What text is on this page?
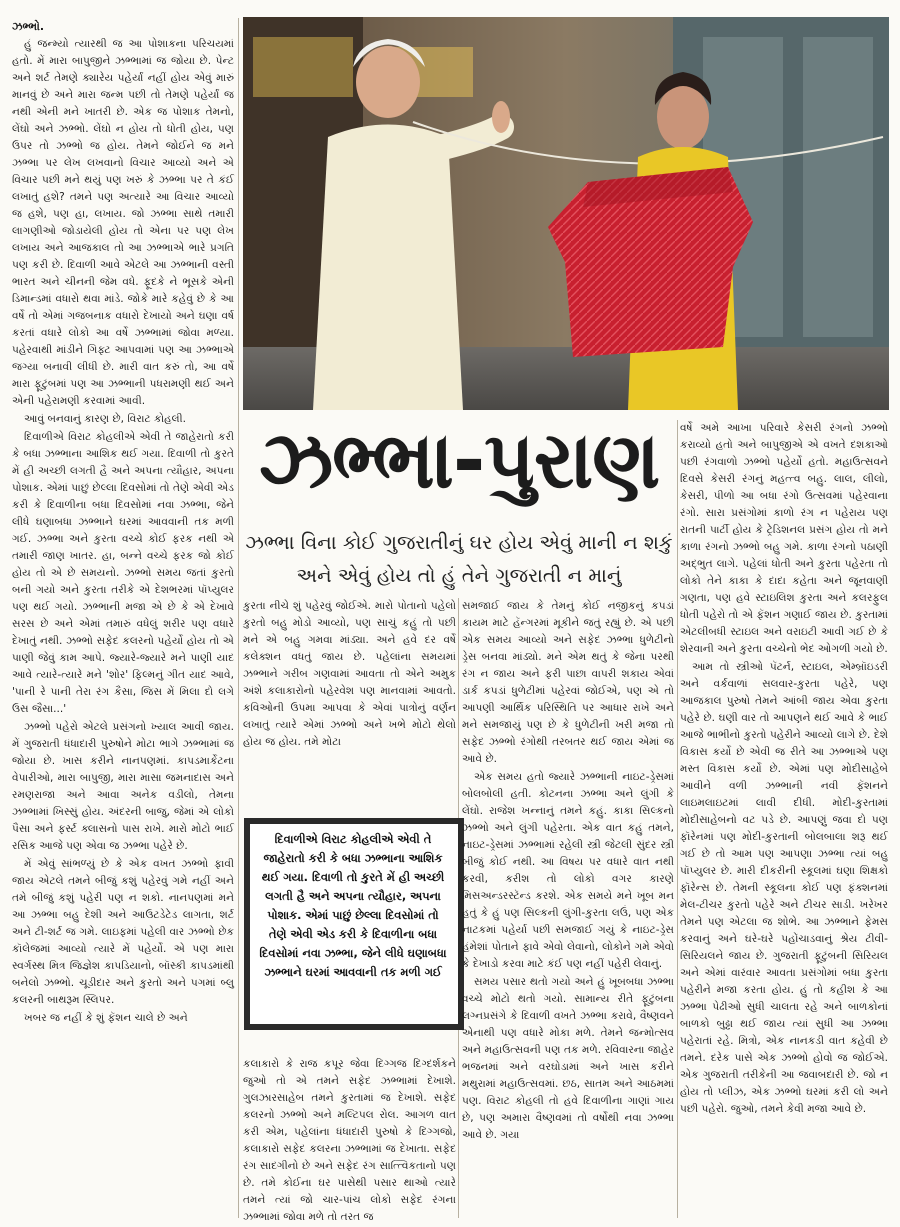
ઝભ્ભો.

હું જન્મ્યો ત્યારથી જ આ પોશાકના પરિચયમાં હતો. મેં મારા બાપુજીને ઝભ્ભામાં જ જોયા છે. પેન્ટ અને શર્ટ તેમણે ક્યારેય પહેર્યાં નહીં હોય એવું મારું માનવું છે અને મારા જન્મ પછી તો તેમણે પહેર્યાં જ નથી એની મને ખાતરી છે. એક જ પોશાક તેમનો, લેંઘો અને ઝભ્ભો. લેંઘો ન હોય તો ધોતી હોય, પણ ઉપર તો ઝભ્ભો જ હોય. તેમને જોઈને જ મને ઝભ્ભા પર લેખ લખવાનો વિચાર આવ્યો અને એ વિચાર પછી મને થયું પણ ખરું કે ઝભ્ભા પર તે કંઈ લખાતું હશે? તમને પણ અત્યારે આ વિચાર આવ્યો જ હશે, પણ હા, લખાય. જો ઝભ્ભા સાથે તમારી લાગણીઓ જોડાયેલી હોય તો એના પર પણ લેખ લખાય અને આજકાલ તો આ ઝભ્ભાએ ભારે પ્રગતિ પણ કરી છે. દિવાળી આવે એટલે આ ઝભ્ભાની વસ્તી ભારત અને ચીનની જેમ વધે. ફૂદકે ને ભૂસકે એની ડિમાન્ડમાં વધારો થવા માંડે. જોકે મારે કહેવું છે કે આ વર્ષે તો એમાં ગજબનાક વધારો દેખાયો અને ઘણા વર્ષ કરતાં વધારે લોકો આ વર્ષે ઝભ્ભામાં જોવા મળ્યા. પહેરવાથી માંડીને ગિફ્ટ આપવામાં પણ આ ઝભ્ભાએ જગ્યા બનાવી લીધી છે. મારી વાત કરું તો, આ વર્ષે મારા ફૂટુંબમાં પણ આ ઝભ્ભાની પધરામણી થઈ અને એની પહેરામણી કરવામાં આવી.

આવું બનવાનું કારણ છે, વિરાટ કોહલી.

દિવાળીએ વિરાટ કોહલીએ એવી તે જાહેરાતો કરી કે બધા ઝભ્ભાના આશિક થઈ ગયા. દિવાળી તો કુરતે મેં હી અચ્છી લગતી હૈ અને અપના ત્યૌહાર, અપના પોશાક. એમાં પાછું છેલ્લા દિવસોમાં તો તેણે એવી એડ કરી કે દિવાળીના બધા દિવસોમાં નવા ઝભ્ભા, જેને લીધે ઘણાબધા ઝભ્ભાને ઘરમાં આવવાની તક મળી ગઈ. ઝભ્ભા અને કુરતા વચ્ચે કોઈ ફરક નથી એ તમારી જાણ ખાતર. હા, બન્ને વચ્ચે ફરક જો કોઈ હોય તો એ છે સમયનો. ઝભ્ભો સમય જતાં કુરતો બની ગયો અને કુરતા તરીકે એ દેશભરમાં પૉપ્યુલર પણ થઈ ગયો. ઝભ્ભાની મજા એ છે કે એ દેખાવે સરસ છે અને એમાં તમારું વધેલું શરીર પણ વધારે દેખાતું નથી. ઝભ્ભો સફેદ કલરનો પહેર્યો હોય તો એ પાણી જેવું કામ આપે. જ્યારે-જ્યારે મને પાણી યાદ આવે ત્યારે-ત્યારે મને 'શોર' ફિલ્મનું ગીત યાદ આવે, 'પાની રે પાની તેરા રંગ કૈસા, જિસ મેં મિલા દો લગે ઉસ જૈસા...'

ઝભ્ભો પહેરો એટલે પ્રસંગનો ખ્યાલ આવી જાય. મેં ગુજરાતી ધંધાદારી પુરુષોને મોટા ભાગે ઝભ્ભામાં જ જોયા છે. ખાસ કરીને નાનપણમાં. કાપડમાર્કેટના વેપારીઓ, મારા બાપુજી, મારા માસા જમનાદાસ અને રમણરાજા અને આવા અનેક વડીલો, તેમના ઝભ્ભામાં ખિસ્સું હોય. અંદરની બાજુ, જેમાં એ લોકો પૈસા અને ફર્સ્ટ ક્લાસનો પાસ રાખે. મારો મોટો ભાઈ રસિક આજે પણ એવા જ ઝભ્ભા પહેરે છે.

મેં એવું સાંભળ્યું છે કે એક વખત ઝભ્ભો ફાવી જાય એટલે તમને બીજું કશું પહેરવું ગમે નહીં અને તમે બીજું કશું પહેરી પણ ન શકો. નાનપણમાં મને આ ઝભ્ભા બહુ દેશી અને આઉટડેટેડ લાગતા, શર્ટ અને ટી-શર્ટ જ ગમે. લાઇફમાં પહેલી વાર ઝભ્ભો છેક કૉલેજમાં આવ્યો ત્યારે મેં પહેર્યો. એ પણ મારા સ્વર્ગસ્થ મિત્ર જિજ્ઞેશ કાપડિયાનો, બૉસ્કી કાપડમાંથી બનેલો ઝભ્ભો. ચૂડીદાર અને કુરતો અને પગમાં બ્લુ કલરની બાથરૂમ સ્લિપર.

ખબર જ નહીં કે શું ફૅશન ચાલે છે અને

ઝભ્ભા-પુરાણ
ઝભ્ભા વિના કોઈ ગુજરાતીનું ઘર હોય એવું માની ન શકું અને એવું હોય તો હું તેને ગુજરાતી ન માનું

કુરતા નીચે શું પહેરવું જોઈએ. મારો પોતાનો પહેલો કુરતો બહુ મોડો આવ્યો, પણ સાચું કહું તો પછી મને એ બહુ ગમવા માંડ્યા. અને હવે દર વર્ષે કલેક્શન વધતું જાય છે. પહેલાંના સમયમાં ઝભ્ભાને ગરીબ ગણવામાં આવતા તો એને અમુક અંશે કલાકારોનો પહેરવેશ પણ માનવામાં આવતો. કવિઓની ઉપમા આપવા કે એવાં પાત્રોનું વર્ણન લખાતું ત્યારે એમાં ઝભ્ભો અને ખભે મોટો થેલો હોય જ હોય. તમે મોટા

દિવાળીએ વિરાટ કોહલીએ એવી તે જાહેરાતો કરી કે બધા ઝભ્ભાના આશિક થઈ ગયા. દિવાળી તો કુરતે મેં હી અચ્છી લગતી હૈ અને અપના ત્યૌહાર, અપના પોશાક. એમાં પાછું છેલ્લા દિવસોમાં તો તેણે એવી એડ કરી કે દિવાળીના બધા દિવસોમાં નવા ઝભ્ભા, જેને લીધે ઘણાબધા ઝભ્ભાને ઘરમાં આવવાની તક મળી ગઈ

કલાકારો કે રાજ કપૂર જેવા દિગ્ગજ દિગ્દર્શકને જુઓ તો એ તમને સફેદ ઝભ્ભામાં દેખાશે. ગુલઝારસાહેબ તમને કુરતામાં જ દેખાશે. સફેદ કલરનો ઝભ્ભો અને મલ્ટિપલ રોલ. આગળ વાત કરી એમ, પહેલાંના ધંધાદારી પુરુષો કે દિગ્ગજો, કલાકારો સફેદ કલરના ઝભ્ભામાં જ દેખાતા. સફેદ રંગ સાદગીનો છે અને સફેદ રંગ સાત્ત્વિકતાનો પણ છે. તમે કોઈના ઘર પાસેથી પસાર થાઓ ત્યારે તમને ત્યાં જો ચાર-પાંચ લોકો સફેદ રંગના ઝભ્ભામાં જોવા મળે તો તરત જ

સમજાઈ જાય કે તેમનું કોઈ નજીકનું કપડાં કાયમ માટે હૅન્ગરમાં મૂકીને જતું રહ્યું છે. એ પછી એક સમય આવ્યો અને સફેદ ઝભ્ભા ધુળેટીનો ડ્રેસ બનવા માંડ્યો. મને એમ થતું કે જેના પરથી રંગ ન જાય અને ફરી પાછા વાપરી શકાય એવાં ડાર્ક કપડાં ધુળેટીમાં પહેરવાં જોઈએ, પણ એ તો આપણી આર્થિક પરિસ્થિતિ પર આધાર રાખે અને મને સમજાયું પણ છે કે ધુળેટીની ખરી મજા તો સફેદ ઝભ્ભો રંગોથી તરબતર થઈ જાય એમાં જ આવે છે.

એક સમય હતો જ્યારે ઝભ્ભાની નાઇટ-ડ્રેસમાં બોલબોલી હતી. કોટનના ઝભ્ભા અને લુંગી કે લેંઘો. રાજેશ ખન્નાનું તમને કહું. કાકા સિલ્કનો ઝભ્ભો અને લુંગી પહેરતા. એક વાત કહું તમને, નાઇટ-ડ્રેસમાં ઝભ્ભામાં રહેલી સ્ત્રી જેટલી સુંદર સ્ત્રી બીજું કોઈ નથી. આ વિષય પર વધારે વાત નથી કરવી, કરીશ તો લોકો વગર કારણે મિસઅન્ડરસ્ટૅન્ડ કરશે. એક સમયે મને ખૂબ મન હતું કે હું પણ સિલ્કની લુંગી-કુરતા લઉં, પણ એક નાટકમાં પહેર્યા પછી સમજાઈ ગયું કે નાઇટ-ડ્રેસ હંમેશાં પોતાને ફાવે એવો લેવાનો, લોકોને ગમે એવો કે દેખાડો કરવા માટે કંઈ પણ નહીં પહેરી લેવાનું.

સમય પસાર થતો ગયો અને હું ખૂબબધા ઝભ્ભા વચ્ચે મોટો થતો ગયો. સામાન્ય રીતે ફૂટુંબના લગ્નપ્રસંગે કે દિવાળી વખતે ઝભ્ભા કરાવે, વૈષ્ણવને એનાથી પણ વધારે મોકા મળે. તેમને જન્મોત્સવ અને મહાઉત્સવની પણ તક મળે. રવિવારના જાહેર ભજનમાં અને વરઘોડામાં અને ખાસ કરીને મથુરામાં મહાઉત્સવમાં. છઠ, સાતમ અને આઠમમાં પણ. વિરાટ કોહલી તો હવે દિવાળીના ગાણાં ગાય છે, પણ અમારા વૈષ્ણવમાં તો વર્ષોથી નવા ઝભ્ભા આવે છે. ગયા

વર્ષે અમે આખા પરિવારે કેસરી રંગનો ઝભ્ભો કરાવ્યો હતો અને બાપુજીએ એ વખતે દશકાઓ પછી રંગવાળો ઝભ્ભો પહેર્યો હતો. મહાઉત્સવને દિવસે કેસરી રંગનું મહત્ત્વ બહુ. લાલ, લીલો, કેસરી, પીળો આ બધા રંગો ઉત્સવમાં પહેરવાના રંગો. સારા પ્રસંગોમાં કાળો રંગ ન પહેરાય પણ રાતની પાર્ટી હોય કે ટ્રેડિશનલ પ્રસંગ હોય તો મને કાળા રંગનો ઝભ્ભો બહુ ગમે. કાળા રંગનો પઠાણી અદ્ભુત લાગે. પહેલાં ધોતી અને કુરતા પહેરતા તો લોકો તેને કાકા કે દાદા કહેતા અને જૂનવાણી ગણતા, પણ હવે સ્ટાઇલિશ કુરતા અને કલરફુલ ધોતી પહેરો તો એ ફૅશન ગણાઈ જાય છે. કુરતામાં એટલીબધી સ્ટાઇલ અને વરાઇટી આવી ગઈ છે કે શેરવાની અને કુરતા વચ્ચેનો ભેદ ઓગળી ગયો છે.

આમ તો સ્ત્રીઓ પૅટર્ન, સ્ટાઇલ, એમ્બ્રૉઇડરી અને વર્કવાળાં સલવાર-કુરતા પહેરે, પણ આજકાલ પુરુષો તેમને આંબી જાય એવા કુરતા પહેરે છે. ઘણી વાર તો આપણને થઈ આવે કે ભાઈ આજે ભાભીનો કુરતો પહેરીને આવ્યો લાગે છે. દેશે વિકાસ કર્યો છે એવી જ રીતે આ ઝભ્ભાએ પણ મસ્ત વિકાસ કર્યો છે. એમાં પણ મોદીસાહેબે આવીને વળી ઝભ્ભાની નવી ફૅશનને લાઇમલાઇટમાં લાવી દીધી. મોદી-કુરતામાં મોદીસાહેબનો વટ પડે છે. આપણું જવા દો પણ ફૉરેનમાં પણ મોદી-કુરતાની બોલબાલા શરૂ થઈ ગઈ છે તો આમ પણ આપણા ઝભ્ભા ત્યાં બહુ પૉપ્યુલર છે. મારી દીકરીની સ્કૂલમાં ઘણા શિક્ષકો ફૉરેન્સ છે. તેમની સ્કૂલના કોઈ પણ ફંક્શનમાં મેલ-ટીચર કુરતો પહેરે અને ટીચર સાડી. ખરેખર તેમને પણ એટલા જ શોભે. આ ઝભ્ભાને ફેમસ કરવાનું અને ઘરે-ઘરે પહોંચાડવાનું શ્રેય ટીવી-સિરિયલને જાય છે. ગુજરાતી ફૂટુંબની સિરિયલ અને એમાં વારંવાર આવતા પ્રસંગોમાં બધા કુરતા પહેરીને મજા કરતા હોય. હું તો કહીશ કે આ ઝભ્ભા પેઢીઓ સુધી ચાલતા રહે અને બાળકોનાં બાળકો બુઢ્ઢા થઈ જાય ત્યાં સુધી આ ઝભ્ભા પહેરાતાં રહે. મિત્રો, એક નાનકડી વાત કહેવી છે તમને. દરેક પાસે એક ઝભ્ભો હોવો જ જોઈએ. એક ગુજરાતી તરીકેની આ જવાબદારી છે. જો ન હોય તો પ્લીઝ, એક ઝભ્ભો ઘરમાં કરી લો અને પછી પહેરો. જુઓ, તમને કેવી મજા આવે છે.
